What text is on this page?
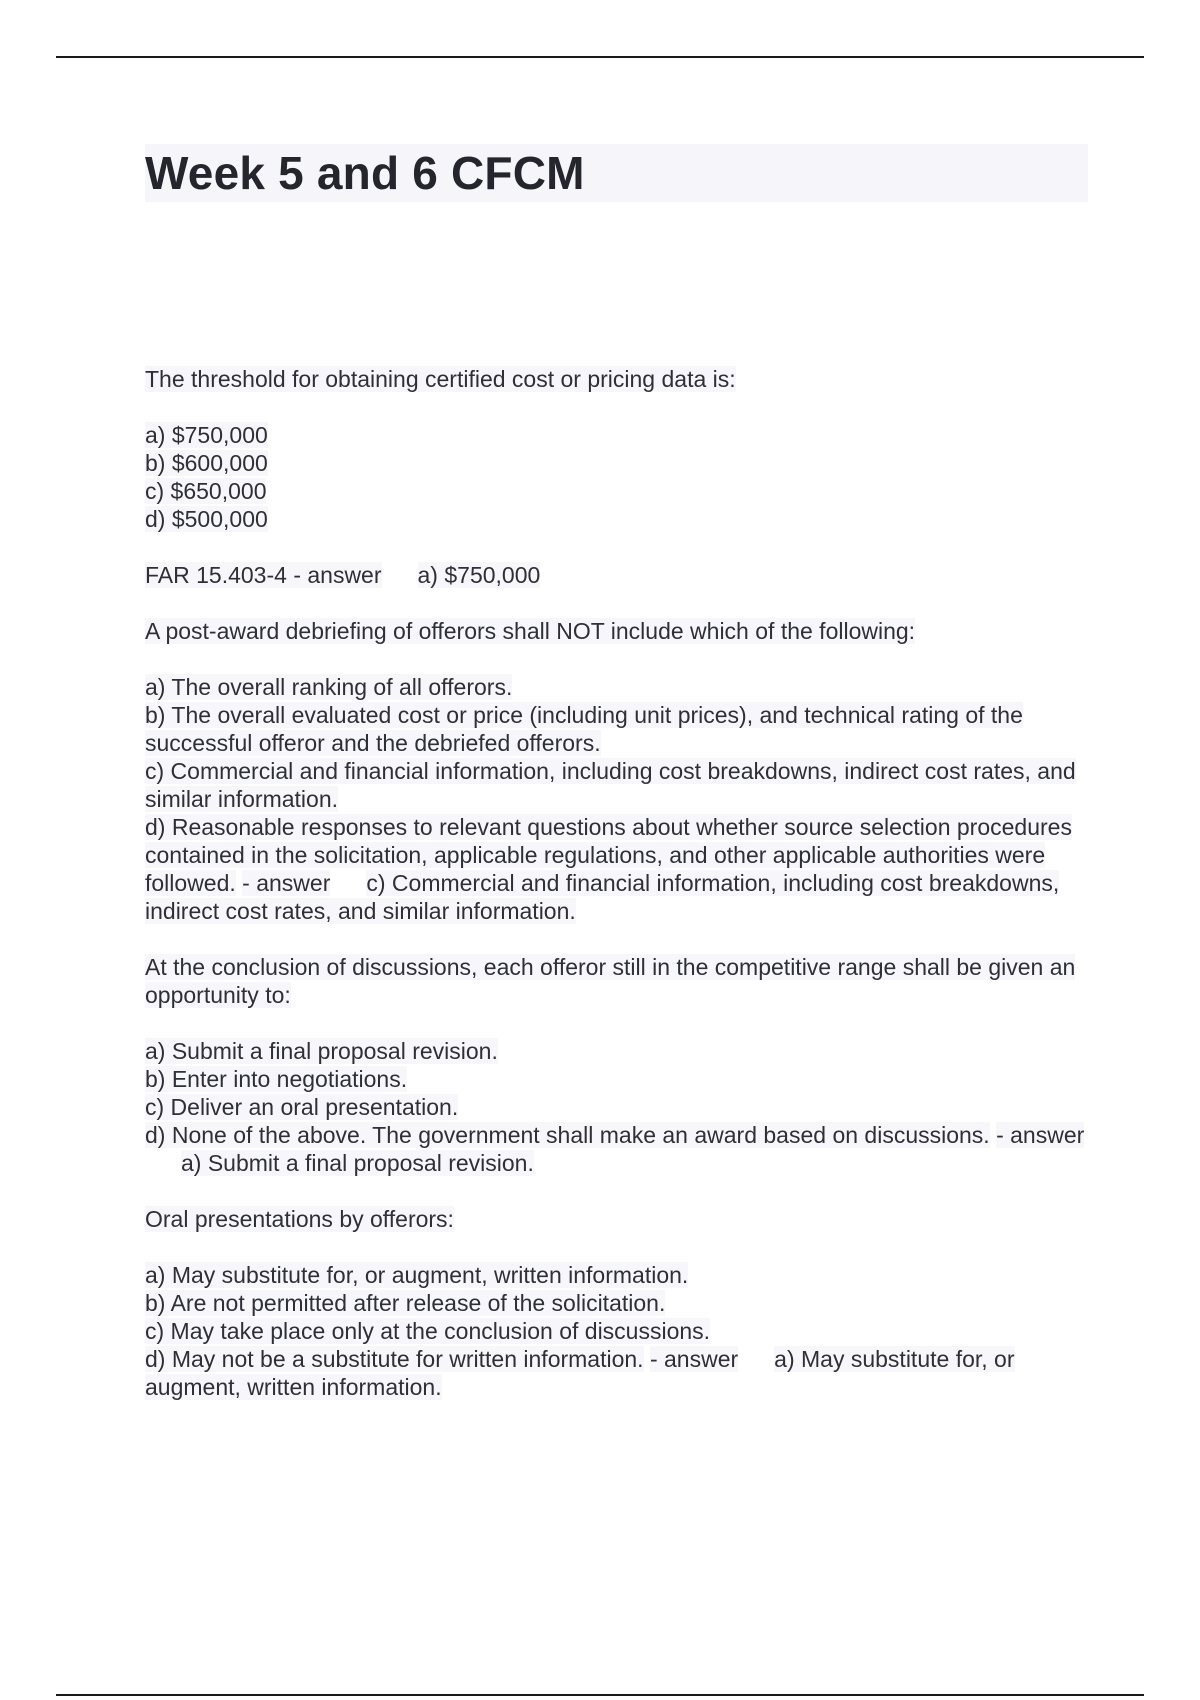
Week 5 and 6 CFCM

The threshold for obtaining certified cost or pricing data is:

a) $750,000

b) $600,000

c) $650,000

d) $500,000

FAR 15.403-4 - answer a) $750,000

A post-award debriefing of offerors shall NOT include which of the following:

a) The overall ranking of all offerors.

b) The overall evaluated cost or price (including unit prices), and technical rating of the successful offeror and the debriefed offerors.

c) Commercial and financial information, including cost breakdowns, indirect cost rates, and similar information.

d) Reasonable responses to relevant questions about whether source selection procedures contained in the solicitation, applicable regulations, and other applicable authorities were followed. - answer c) Commercial and financial information, including cost breakdowns, indirect cost rates, and similar information.

At the conclusion of discussions, each offeror still in the competitive range shall be given an opportunity to:

a) Submit a final proposal revision.

b) Enter into negotiations.

c) Deliver an oral presentation.

d) None of the above. The government shall make an award based on discussions. - answera) Submit a final proposal revision.

Oral presentations by offerors:

a) May substitute for, or augment, written information.

b) Are not permitted after release of the solicitation.

c) May take place only at the conclusion of discussions.

d) May not be a substitute for written information. - answer a) May substitute for, or augment, written information.
